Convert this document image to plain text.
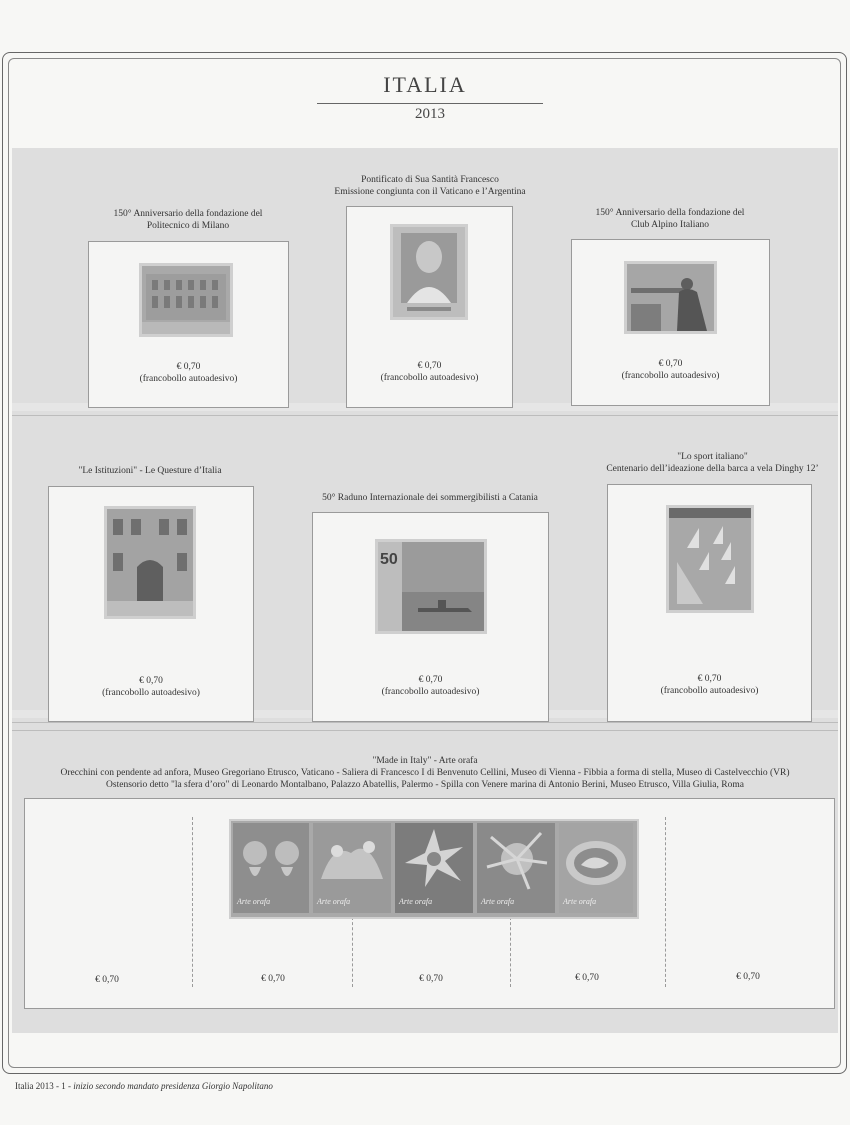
ITALIA
2013
150° Anniversario della fondazione del
Politecnico di Milano
€ 0,70
(francobollo autoadesivo)
Pontificato di Sua Santità Francesco
Emissione congiunta con il Vaticano e l’Argentina
€ 0,70
(francobollo autoadesivo)
150° Anniversario della fondazione del
Club Alpino Italiano
€ 0,70
(francobollo autoadesivo)
"Le Istituzioni" - Le Questure d’Italia
€ 0,70
(francobollo autoadesivo)
50° Raduno Internazionale dei sommergibilisti a Catania
50
€ 0,70
(francobollo autoadesivo)
"Lo sport italiano"
Centenario dell’ideazione della barca a vela Dinghy 12’
€ 0,70
(francobollo autoadesivo)
"Made in Italy" - Arte orafa
Orecchini con pendente ad anfora, Museo Gregoriano Etrusco, Vaticano - Saliera di Francesco I di Benvenuto Cellini, Museo di Vienna - Fibbia a forma di stella, Museo di Castelvecchio (VR)
Ostensorio detto "la sfera d’oro" di Leonardo Montalbano, Palazzo Abatellis, Palermo - Spilla con Venere marina di Antonio Berini, Museo Etrusco, Villa Giulia, Roma
Arte orafa	Arte orafa	Arte orafa	Arte orafa	Arte orafa
€ 0,70	€ 0,70	€ 0,70	€ 0,70	€ 0,70
Italia 2013 - 1 - inizio secondo mandato presidenza Giorgio Napolitano
